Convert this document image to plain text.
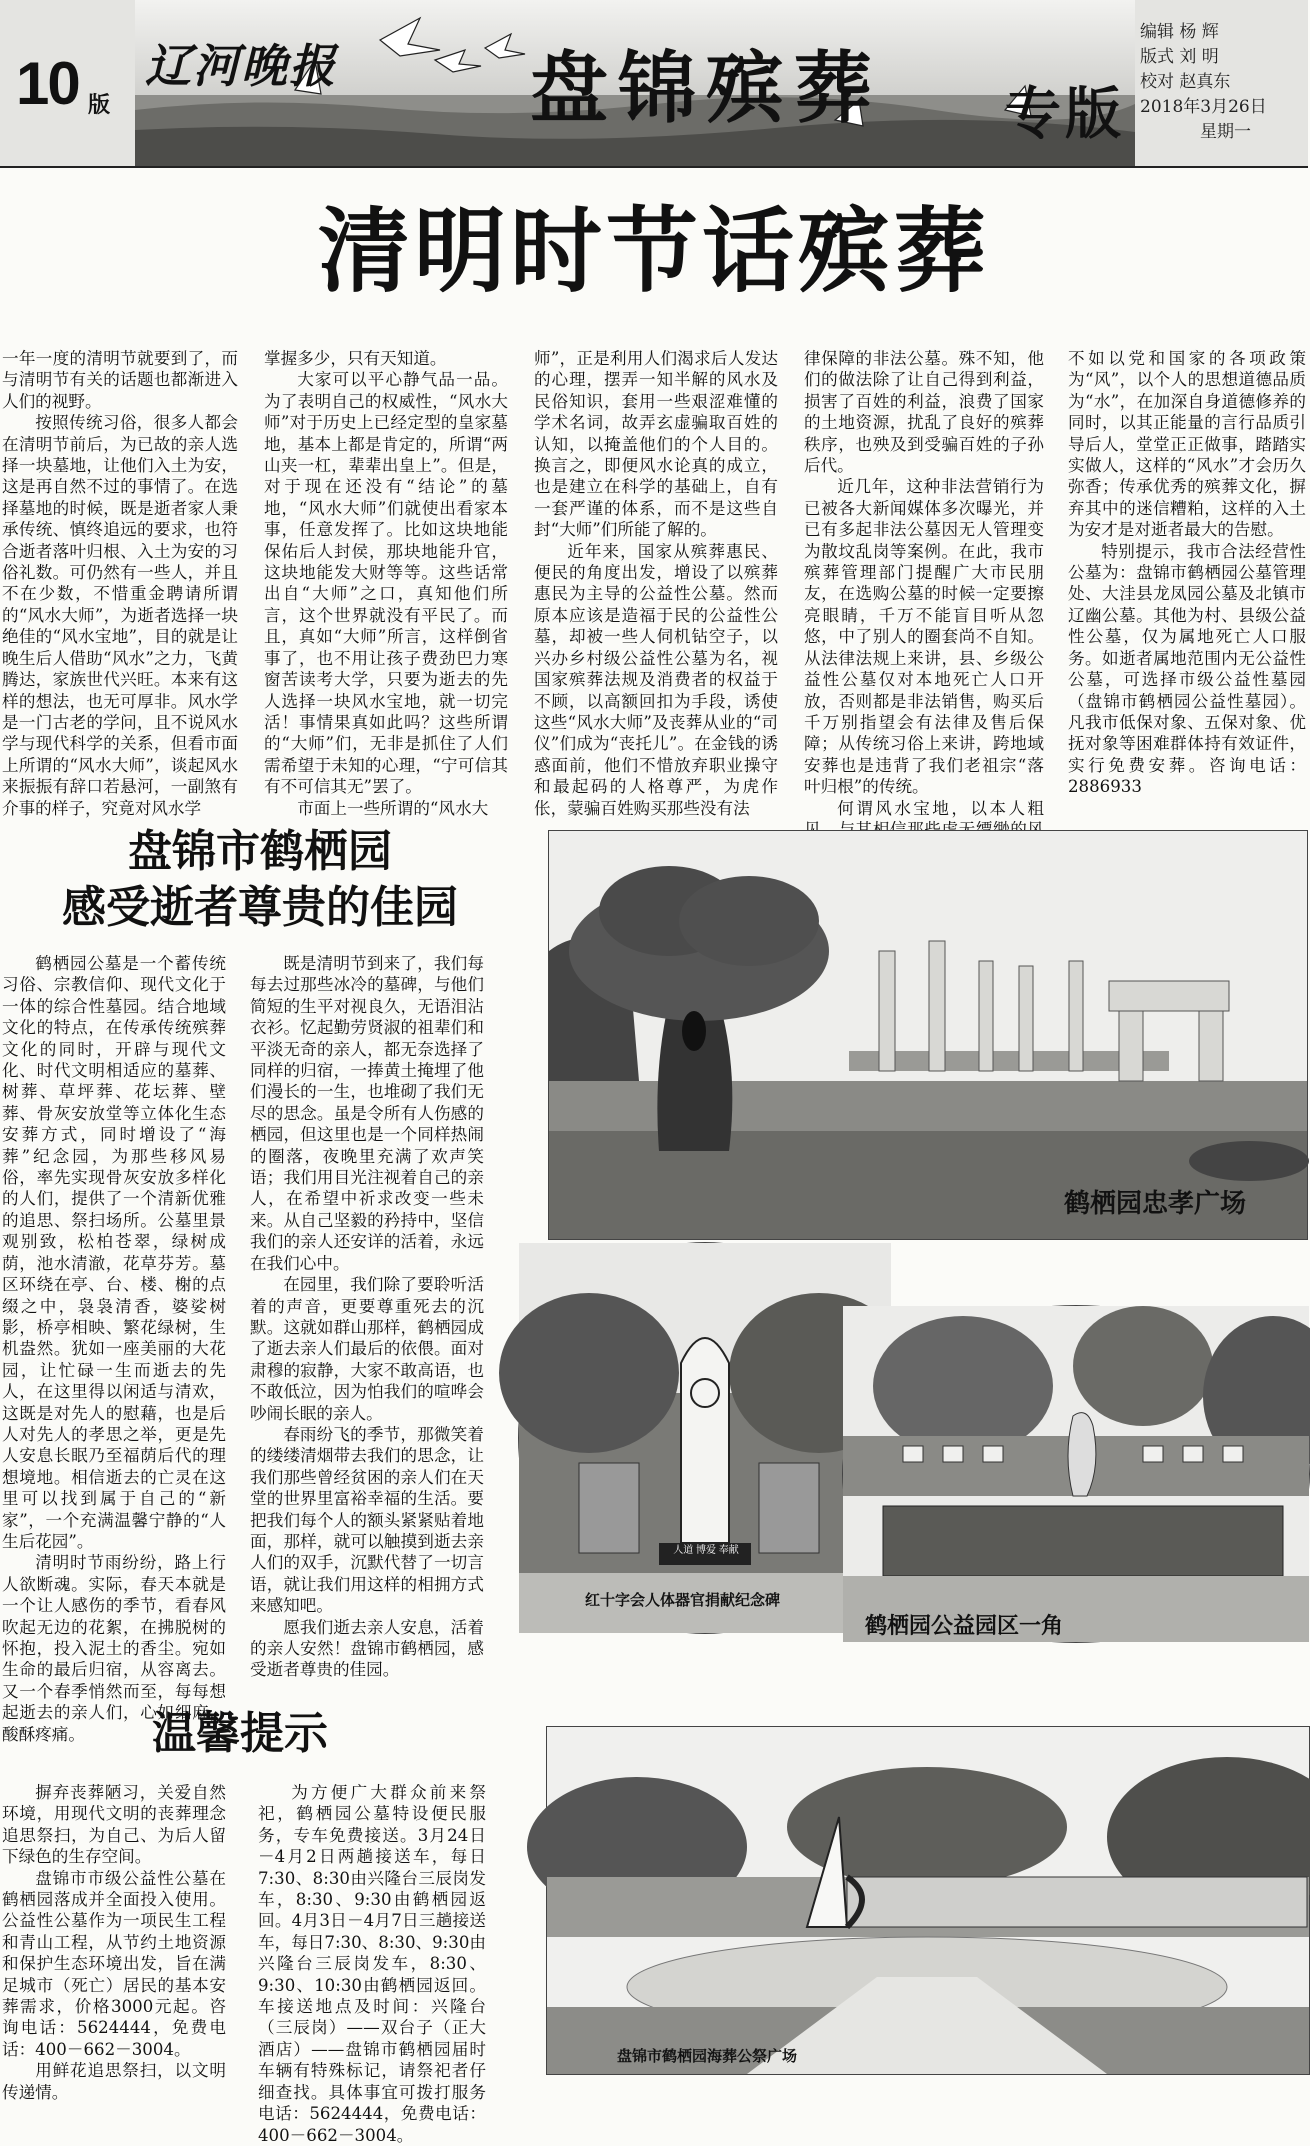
10 版
辽河晚报 盘锦殡葬 专版
编辑 杨 辉
版式 刘 明
校对 赵真东
2018年3月26日
星期一
清明时节话殡葬

一年一度的清明节就要到了，而与清明节有关的话题也都渐进入人们的视野。

按照传统习俗，很多人都会在清明节前后，为已故的亲人选择一块墓地，让他们入土为安，这是再自然不过的事情了。在选择墓地的时候，既是逝者家人秉承传统、慎终追远的要求，也符合逝者落叶归根、入土为安的习俗礼数。可仍然有一些人，并且不在少数，不惜重金聘请所谓的“风水大师”，为逝者选择一块绝佳的“风水宝地”，目的就是让晚生后人借助“风水”之力，飞黄腾达，家族世代兴旺。本来有这样的想法，也无可厚非。风水学是一门古老的学问，且不说风水学与现代科学的关系，但看市面上所谓的“风水大师”，谈起风水来振振有辞口若悬河，一副煞有介事的样子，究竟对风水学

掌握多少，只有天知道。

大家可以平心静气品一品。为了表明自己的权威性，“风水大师”对于历史上已经定型的皇家墓地，基本上都是肯定的，所谓“两山夹一杠，辈辈出皇上”。但是，对于现在还没有“结论”的墓地，“风水大师”们就使出看家本事，任意发挥了。比如这块地能保佑后人封侯，那块地能升官，这块地能发大财等等。这些话常出自“大师”之口，真知他们所言，这个世界就没有平民了。而且，真如“大师”所言，这样倒省事了，也不用让孩子费劲巴力寒窗苦读考大学，只要为逝去的先人选择一块风水宝地，就一切完活！事情果真如此吗？这些所谓的“大师”们，无非是抓住了人们需希望于未知的心理，“宁可信其有不可信其无”罢了。

市面上一些所谓的“风水大

师”，正是利用人们渴求后人发达的心理，摆弄一知半解的风水及民俗知识，套用一些艰涩难懂的学术名词，故弄玄虚骗取百姓的认知，以掩盖他们的个人目的。换言之，即便风水论真的成立，也是建立在科学的基础上，自有一套严谨的体系，而不是这些自封“大师”们所能了解的。

近年来，国家从殡葬惠民、便民的角度出发，增设了以殡葬惠民为主导的公益性公墓。然而原本应该是造福于民的公益性公墓，却被一些人伺机钻空子，以兴办乡村级公益性公墓为名，视国家殡葬法规及消费者的权益于不顾，以高额回扣为手段，诱使这些“风水大师”及丧葬从业的“司仪”们成为“丧托儿”。在金钱的诱惑面前，他们不惜放弃职业操守和最起码的人格尊严，为虎作伥，蒙骗百姓购买那些没有法

律保障的非法公墓。殊不知，他们的做法除了让自己得到利益，损害了百姓的利益，浪费了国家的土地资源，扰乱了良好的殡葬秩序，也殃及到受骗百姓的子孙后代。

近几年，这种非法营销行为已被各大新闻媒体多次曝光，并已有多起非法公墓因无人管理变为散坟乱岗等案例。在此，我市殡葬管理部门提醒广大市民朋友，在选购公墓的时候一定要擦亮眼睛，千万不能盲目听从忽悠，中了别人的圈套尚不自知。从法律法规上来讲，县、乡级公益性公墓仅对本地死亡人口开放，否则都是非法销售，购买后千万别指望会有法律及售后保障；从传统习俗上来讲，跨地域安葬也是违背了我们老祖宗“落叶归根”的传统。

何谓风水宝地，以本人粗

不如以党和国家的各项政策为“风”，以个人的思想道德品质为“水”，在加深自身道德修养的同时，以其正能量的言行品质引导后人，堂堂正正做事，踏踏实实做人，这样的“风水”才会历久弥香；传承优秀的殡葬文化，摒弃其中的迷信糟粕，这样的入土为安才是对逝者最大的告慰。

特别提示，我市合法经营性公墓为：盘锦市鹤栖园公墓管理处、大洼县龙凤园公墓及北镇市辽幽公墓。其他为村、县级公益性公墓，仅为属地死亡人口服务。如逝者属地范围内无公益性公墓，可选择市级公益性墓园（盘锦市鹤栖园公益性墓园）。凡我市低保对象、五保对象、优抚对象等困难群体持有效证件，实行免费安葬。咨询电话：2886933

盘锦市鹤栖园
感受逝者尊贵的佳园

鹤栖园公墓是一个蓄传统习俗、宗教信仰、现代文化于一体的综合性墓园。结合地域文化的特点，在传承传统殡葬文化的同时，开辟与现代文化、时代文明相适应的墓葬、树葬、草坪葬、花坛葬、壁葬、骨灰安放堂等立体化生态安葬方式，同时增设了“海葬”纪念园，为那些移风易俗，率先实现骨灰安放多样化的人们，提供了一个清新优雅的追思、祭扫场所。公墓里景观别致，松柏苍翠，绿树成荫，池水清澈，花草芬芳。墓区环绕在亭、台、楼、榭的点缀之中，袅袅清香，婆娑树影，桥亭相映、繁花绿树，生机盎然。犹如一座美丽的大花园，让忙碌一生而逝去的先人，在这里得以闲适与清欢，这既是对先人的慰藉，也是后人对先人的孝思之举，更是先人安息长眠乃至福荫后代的理想境地。相信逝去的亡灵在这里可以找到属于自己的“新家”，一个充满温馨宁静的“人生后花园”。

清明时节雨纷纷，路上行人欲断魂。实际，春天本就是一个让人感伤的季节，看春风吹起无边的花絮，在拂脱树的怀抱，投入泥土的香尘。宛如生命的最后归宿，从容离去。又一个春季悄然而至，每每想起逝去的亲人们，心如细麻，酸酥疼痛。

既是清明节到来了，我们每每去过那些冰冷的墓碑，与他们简短的生平对视良久，无语泪沾衣衫。忆起勤劳贤淑的祖辈们和平淡无奇的亲人，都无奈选择了同样的归宿，一捧黄土掩埋了他们漫长的一生，也堆砌了我们无尽的思念。虽是令所有人伤感的栖园，但这里也是一个同样热闹的圈落，夜晚里充满了欢声笑语；我们用目光注视着自己的亲人，在希望中祈求改变一些未来。从自己坚毅的矜持中，坚信我们的亲人还安详的活着，永远在我们心中。

在园里，我们除了要聆听活着的声音，更要尊重死去的沉默。这就如群山那样，鹤栖园成了逝去亲人们最后的依偎。面对肃穆的寂静，大家不敢高语，也不敢低泣，因为怕我们的喧哗会吵闹长眠的亲人。

春雨纷飞的季节，那微笑着的缕缕清烟带去我们的思念，让我们那些曾经贫困的亲人们在天堂的世界里富裕幸福的生活。要把我们每个人的额头紧紧贴着地面，那样，就可以触摸到逝去亲人们的双手，沉默代替了一切言语，就让我们用这样的相拥方式来感知吧。

愿我们逝去亲人安息，活着的亲人安然！盘锦市鹤栖园，感受逝者尊贵的佳园。

鹤栖园忠孝广场
人道 博爱 奉献
红十字会人体器官捐献纪念碑
鹤栖园公益园区一角
温馨提示

摒弃丧葬陋习，关爱自然环境，用现代文明的丧葬理念追思祭扫，为自己、为后人留下绿色的生存空间。

盘锦市市级公益性公墓在鹤栖园落成并全面投入使用。公益性公墓作为一项民生工程和青山工程，从节约土地资源和保护生态环境出发，旨在满足城市（死亡）居民的基本安葬需求，价格3000元起。咨询电话：5624444，免费电话：400－662－3004。

用鲜花追思祭扫，以文明传递情。

为方便广大群众前来祭祀，鹤栖园公墓特设便民服务，专车免费接送。3月24日－4月2日两趟接送车，每日7:30、8:30由兴隆台三辰岗发车，8:30、9:30由鹤栖园返回。4月3日－4月7日三趟接送车，每日7:30、8:30、9:30由兴隆台三辰岗发车，8:30、9:30、10:30由鹤栖园返回。车接送地点及时间：兴隆台（三辰岗）——双台子（正大酒店）——盘锦市鹤栖园届时车辆有特殊标记，请祭祀者仔细查找。具体事宜可拨打服务电话：5624444，免费电话：400－662－3004。

盘锦市鹤栖园海葬公祭广场
